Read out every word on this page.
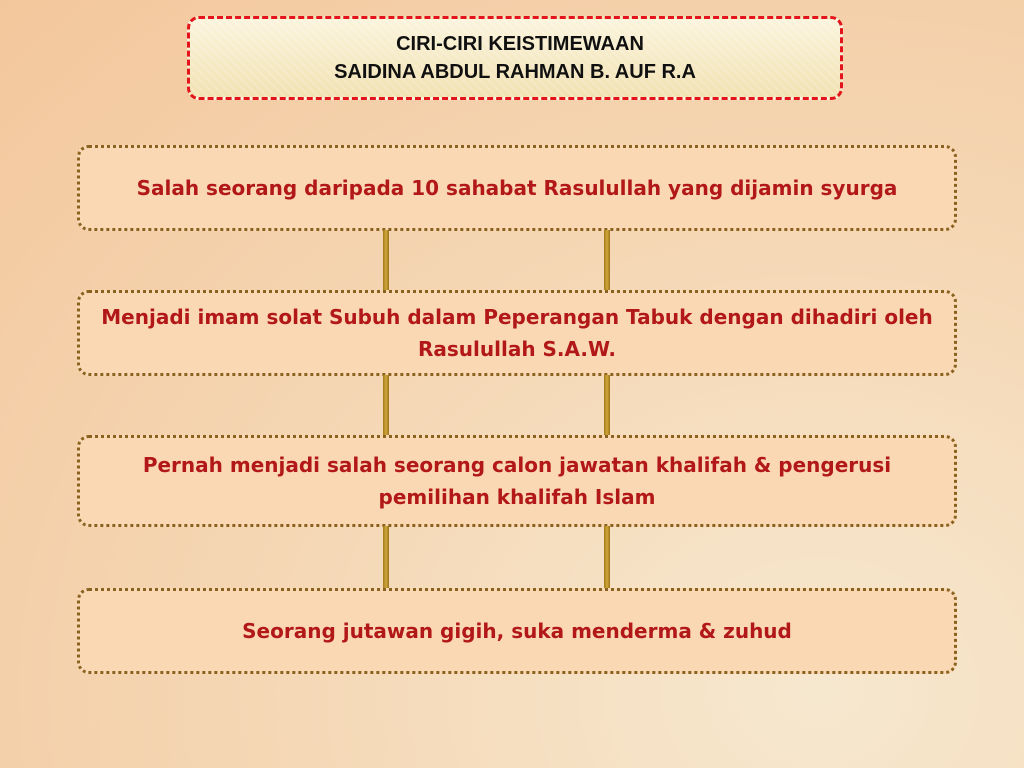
CIRI-CIRI KEISTIMEWAAN
SAIDINA ABDUL RAHMAN B. AUF R.A
Salah seorang daripada 10 sahabat Rasulullah yang dijamin syurga
Menjadi imam solat Subuh dalam Peperangan Tabuk dengan dihadiri oleh Rasulullah S.A.W.
Pernah menjadi salah seorang calon jawatan khalifah & pengerusi pemilihan khalifah Islam
Seorang jutawan gigih, suka menderma & zuhud
